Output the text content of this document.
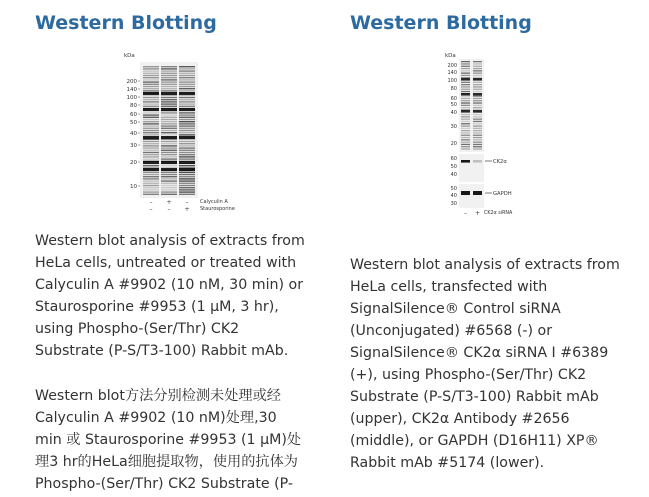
Western Blotting
kDa
200
140
100
80
60
50
40
30
20
10
– + – Calyculin A
–	– + Staurosporine
Western blot analysis of extracts from
HeLa cells, untreated or treated with
Calyculin A #9902 (10 nM, 30 min) or
Staurosporine #9953 (1 µM, 3 hr),
using Phospho-(Ser/Thr) CK2
Substrate (P-S/T3-100) Rabbit mAb.
Western blot方法分别检测未处理或经
Calyculin A #9902 (10 nM)处理,30
min 或 Staurosporine #9953 (1 µM)处
理3 hr的HeLa细胞提取物，使用的抗体为
Phospho-(Ser/Thr) CK2 Substrate (P-
Western Blotting
kDa
200
140
100
80
60
50
40
30
20
60
50
40
50
40
30
CK2α
GAPDH
– + CK2α siRNA
Western blot analysis of extracts from
HeLa cells, transfected with
SignalSilence® Control siRNA
(Unconjugated) #6568 (-) or
SignalSilence® CK2α siRNA I #6389
(+), using Phospho-(Ser/Thr) CK2
Substrate (P-S/T3-100) Rabbit mAb
(upper), CK2α Antibody #2656
(middle), or GAPDH (D16H11) XP®
Rabbit mAb #5174 (lower).
